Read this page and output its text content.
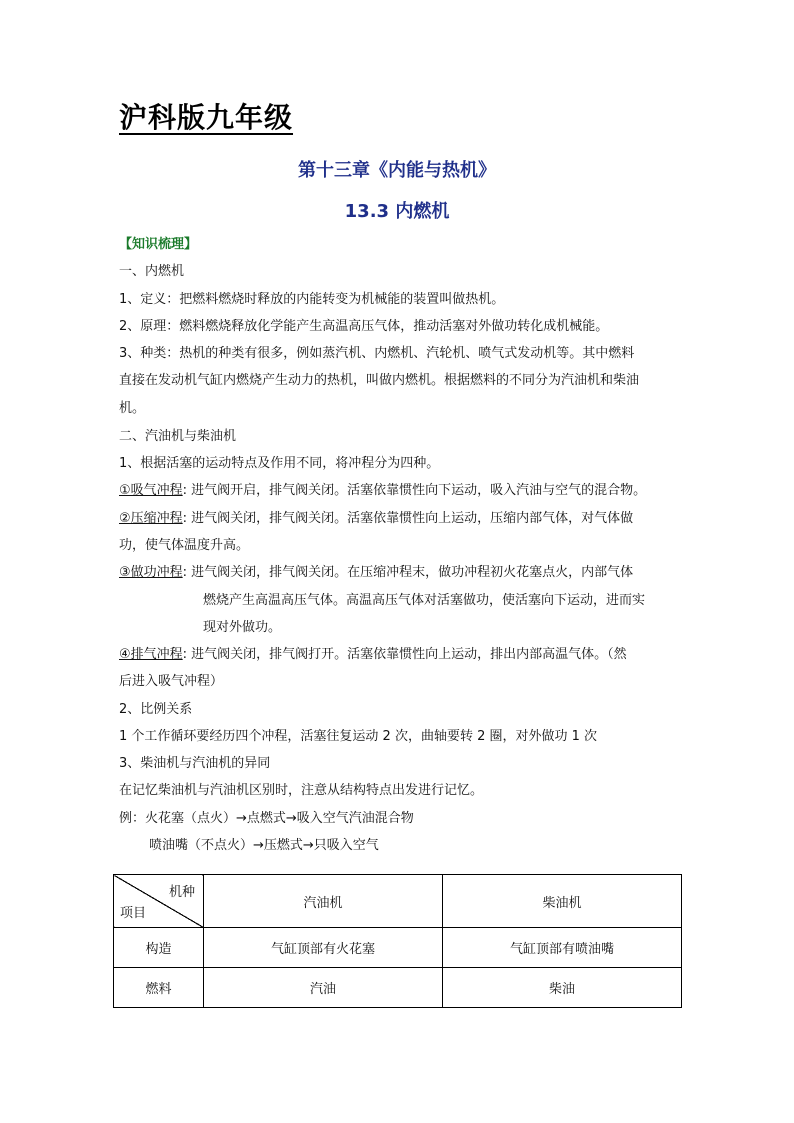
沪科版九年级
第十三章《内能与热机》
13.3 内燃机
【知识梳理】
一、内燃机
1、定义：把燃料燃烧时释放的内能转变为机械能的装置叫做热机。
2、原理：燃料燃烧释放化学能产生高温高压气体，推动活塞对外做功转化成机械能。
3、种类：热机的种类有很多，例如蒸汽机、内燃机、汽轮机、喷气式发动机等。其中燃料
直接在发动机气缸内燃烧产生动力的热机，叫做内燃机。根据燃料的不同分为汽油机和柴油
机。
二、汽油机与柴油机
1、根据活塞的运动特点及作用不同，将冲程分为四种。
①吸气冲程: 进气阀开启，排气阀关闭。活塞依靠惯性向下运动，吸入汽油与空气的混合物。
②压缩冲程: 进气阀关闭，排气阀关闭。活塞依靠惯性向上运动，压缩内部气体，对气体做
功，使气体温度升高。
③做功冲程: 进气阀关闭，排气阀关闭。在压缩冲程末，做功冲程初火花塞点火，内部气体
燃烧产生高温高压气体。高温高压气体对活塞做功，使活塞向下运动，进而实
现对外做功。
④排气冲程: 进气阀关闭，排气阀打开。活塞依靠惯性向上运动，排出内部高温气体。（然
后进入吸气冲程）
2、比例关系
1 个工作循环要经历四个冲程，活塞往复运动 2 次，曲轴要转 2 圈，对外做功 1 次
3、柴油机与汽油机的异同
在记忆柴油机与汽油机区别时，注意从结构特点出发进行记忆。
例：火花塞（点火）→点燃式→吸入空气汽油混合物
喷油嘴（不点火）→压燃式→只吸入空气
机种
项目	汽油机	柴油机
构造	气缸顶部有火花塞	气缸顶部有喷油嘴
燃料	汽油	柴油
